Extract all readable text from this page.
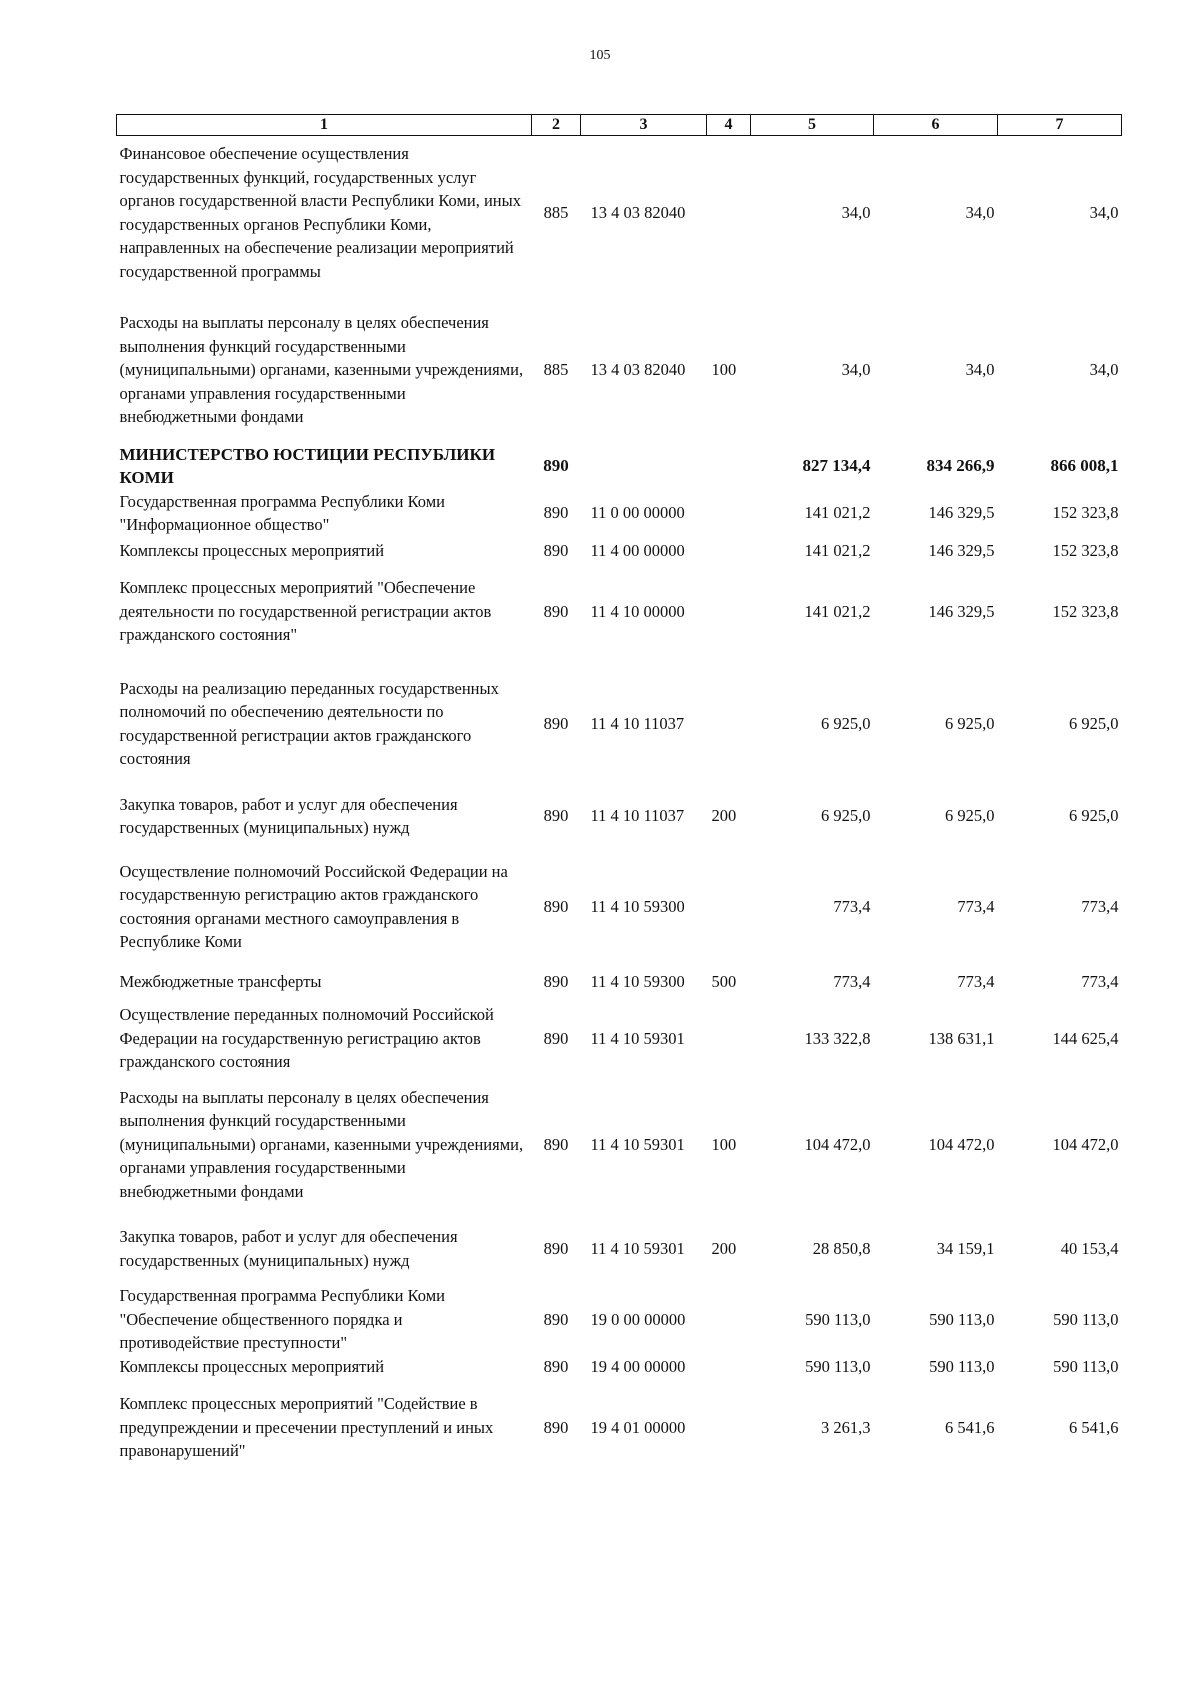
105
1	2	3	4	5	6	7
Финансовое обеспечение осуществления государственных функций, государственных услуг органов государственной власти Республики Коми, иных государственных органов Республики Коми, направленных на обеспечение реализации мероприятий государственной программы	885	13 4 03 82040		34,0	34,0	34,0
Расходы на выплаты персоналу в целях обеспечения выполнения функций государственными (муниципальными) органами, казенными учреждениями, органами управления государственными внебюджетными фондами	885	13 4 03 82040	100	34,0	34,0	34,0
МИНИСТЕРСТВО ЮСТИЦИИ РЕСПУБЛИКИ КОМИ	890			827 134,4	834 266,9	866 008,1
Государственная программа Республики Коми "Информационное общество"	890	11 0 00 00000		141 021,2	146 329,5	152 323,8
Комплексы процессных мероприятий	890	11 4 00 00000		141 021,2	146 329,5	152 323,8
Комплекс процессных мероприятий "Обеспечение деятельности по государственной регистрации актов гражданского состояния"	890	11 4 10 00000		141 021,2	146 329,5	152 323,8
Расходы на реализацию переданных государственных полномочий по обеспечению деятельности по государственной регистрации актов гражданского состояния	890	11 4 10 11037		6 925,0	6 925,0	6 925,0
Закупка товаров, работ и услуг для обеспечения государственных (муниципальных) нужд	890	11 4 10 11037	200	6 925,0	6 925,0	6 925,0
Осуществление полномочий Российской Федерации на государственную регистрацию актов гражданского состояния органами местного самоуправления в Республике Коми	890	11 4 10 59300		773,4	773,4	773,4
Межбюджетные трансферты	890	11 4 10 59300	500	773,4	773,4	773,4
Осуществление переданных полномочий Российской Федерации на государственную регистрацию актов гражданского состояния	890	11 4 10 59301		133 322,8	138 631,1	144 625,4
Расходы на выплаты персоналу в целях обеспечения выполнения функций государственными (муниципальными) органами, казенными учреждениями, органами управления государственными внебюджетными фондами	890	11 4 10 59301	100	104 472,0	104 472,0	104 472,0
Закупка товаров, работ и услуг для обеспечения государственных (муниципальных) нужд	890	11 4 10 59301	200	28 850,8	34 159,1	40 153,4
Государственная программа Республики Коми "Обеспечение общественного порядка и противодействие преступности"	890	19 0 00 00000		590 113,0	590 113,0	590 113,0
Комплексы процессных мероприятий	890	19 4 00 00000		590 113,0	590 113,0	590 113,0
Комплекс процессных мероприятий "Содействие в предупреждении и пресечении преступлений и иных правонарушений"	890	19 4 01 00000		3 261,3	6 541,6	6 541,6
